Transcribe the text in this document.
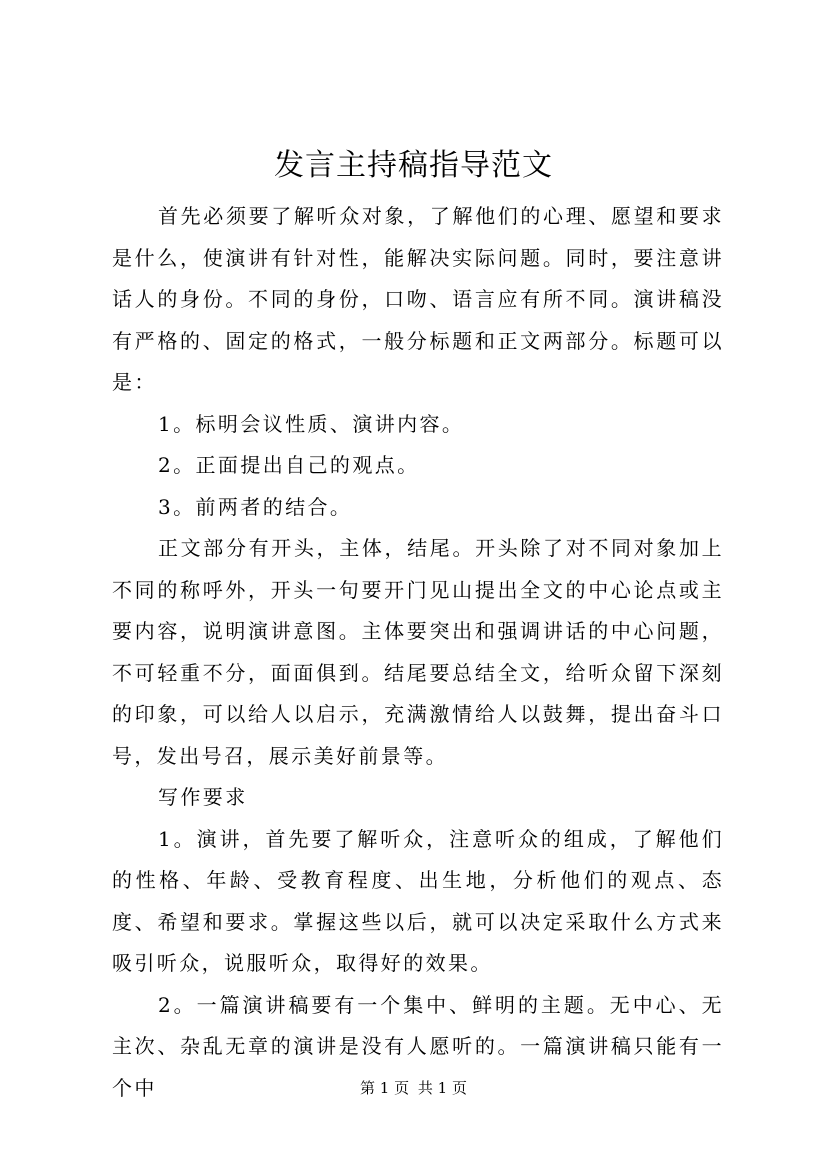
发言主持稿指导范文

首先必须要了解听众对象，了解他们的心理、愿望和要求是什么，使演讲有针对性，能解决实际问题。同时，要注意讲话人的身份。不同的身份，口吻、语言应有所不同。演讲稿没有严格的、固定的格式，一般分标题和正文两部分。标题可以是：

1。标明会议性质、演讲内容。

2。正面提出自己的观点。

3。前两者的结合。

正文部分有开头，主体，结尾。开头除了对不同对象加上不同的称呼外，开头一句要开门见山提出全文的中心论点或主要内容，说明演讲意图。主体要突出和强调讲话的中心问题，不可轻重不分，面面俱到。结尾要总结全文，给听众留下深刻的印象，可以给人以启示，充满激情给人以鼓舞，提出奋斗口号，发出号召，展示美好前景等。

写作要求

1。演讲，首先要了解听众，注意听众的组成，了解他们的性格、年龄、受教育程度、出生地，分析他们的观点、态度、希望和要求。掌握这些以后，就可以决定采取什么方式来吸引听众，说服听众，取得好的效果。

2。一篇演讲稿要有一个集中、鲜明的主题。无中心、无主次、杂乱无章的演讲是没有人愿听的。一篇演讲稿只能有一个中	第 1 页 共 1 页
